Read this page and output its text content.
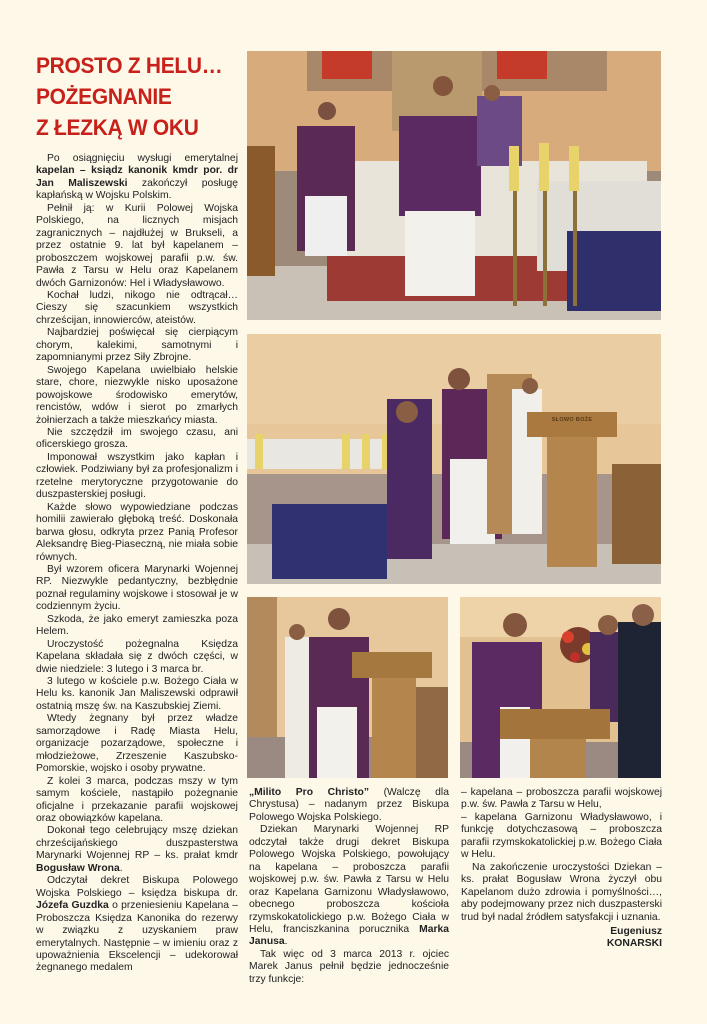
PROSTO Z HELU…
POŻEGNANIE
Z ŁEZKĄ W OKU
SŁOWO BOŻE

Po osiągnięciu wysługi emerytalnej kapelan – ksiądz kanonik kmdr por. dr Jan Maliszewski zakończył posługę kapłańską w Wojsku Polskim.

Pełnił ją: w Kurii Polowej Wojska Polskiego, na licznych misjach zagranicznych – najdłużej w Brukseli, a przez ostatnie 9. lat był kapelanem – proboszczem wojskowej parafii p.w. św. Pawła z Tarsu w Helu oraz Kapelanem dwóch Garnizonów: Hel i Władysławowo.

Kochał ludzi, nikogo nie odtrącał… Cieszy się szacunkiem wszystkich chrześcijan, innowierców, ateistów.

Najbardziej poświęcał się cierpiącym chorym, kalekimi, samotnymi i zapomnianymi przez Siły Zbrojne.

Swojego Kapelana uwielbiało helskie stare, chore, niezwykle nisko uposażone powojskowe środowisko emerytów, rencistów, wdów i sierot po zmarłych żołnierzach a także mieszkańcy miasta.

Nie szczędził im swojego czasu, ani oficerskiego grosza.

Imponował wszystkim jako kapłan i człowiek. Podziwiany był za profesjonalizm i rzetelne merytoryczne przygotowanie do duszpasterskiej posługi.

Każde słowo wypowiedziane podczas homilii zawierało głęboką treść. Doskonała barwa głosu, odkryta przez Panią Profesor Aleksandrę Bieg-Piaseczną, nie miała sobie równych.

Był wzorem oficera Marynarki Wojennej RP. Niezwykle pedantyczny, bezbłędnie poznał regulaminy wojskowe i stosował je w codziennym życiu.

Szkoda, że jako emeryt zamieszka poza Helem.

Uroczystość pożegnalna Księdza Kapelana składała się z dwóch części, w dwie niedziele: 3 lutego i 3 marca br.

3 lutego w kościele p.w. Bożego Ciała w Helu ks. kanonik Jan Maliszewski odprawił ostatnią mszę św. na Kaszubskiej Ziemi.

Wtedy żegnany był przez władze samorządowe i Radę Miasta Helu, organizacje pozarządowe, społeczne i młodzieżowe, Zrzeszenie Kaszubsko-Pomorskie, wojsko i osoby prywatne.

Z kolei 3 marca, podczas mszy w tym samym kościele, nastąpiło pożegnanie oficjalne i przekazanie parafii wojskowej oraz obowiązków kapelana.

Dokonał tego celebrujący mszę dziekan chrześcijańskiego duszpasterstwa Marynarki Wojennej RP – ks. prałat kmdr Bogusław Wrona.

Odczytał dekret Biskupa Polowego Wojska Polskiego – księdza biskupa dr. Józefa Guzdka o przeniesieniu Kapelana – Proboszcza Księdza Kanonika do rezerwy w związku z uzyskaniem praw emerytalnych. Następnie – w imieniu oraz z upoważnienia Ekscelencji – udekorował żegnanego medalem

„Milito Pro Christo” (Walczę dla Chrystusa) – nadanym przez Biskupa Polowego Wojska Polskiego.

Dziekan Marynarki Wojennej RP odczytał także drugi dekret Biskupa Polowego Wojska Polskiego, powołujący na kapelana – proboszcza parafii wojskowej p.w. św. Pawła z Tarsu w Helu oraz Kapelana Garnizonu Władysławowo, obecnego proboszcza kościoła rzymskokatolickiego p.w. Bożego Ciała w Helu, franciszkanina porucznika Marka Janusa.

Tak więc od 3 marca 2013 r. ojciec Marek Janus pełnił będzie jednocześnie trzy funkcje:

– kapelana – proboszcza parafii wojskowej p.w. św. Pawła z Tarsu w Helu,

– kapelana Garnizonu Władysławowo, i funkcję dotychczasową – proboszcza parafii rzymskokatolickiej p.w. Bożego Ciała w Helu.

Na zakończenie uroczystości Dziekan – ks. prałat Bogusław Wrona życzył obu Kapelanom dużo zdrowia i pomyślności…, aby podejmowany przez nich duszpasterski trud był nadal źródłem satysfakcji i uznania.

Eugeniusz
KONARSKI
